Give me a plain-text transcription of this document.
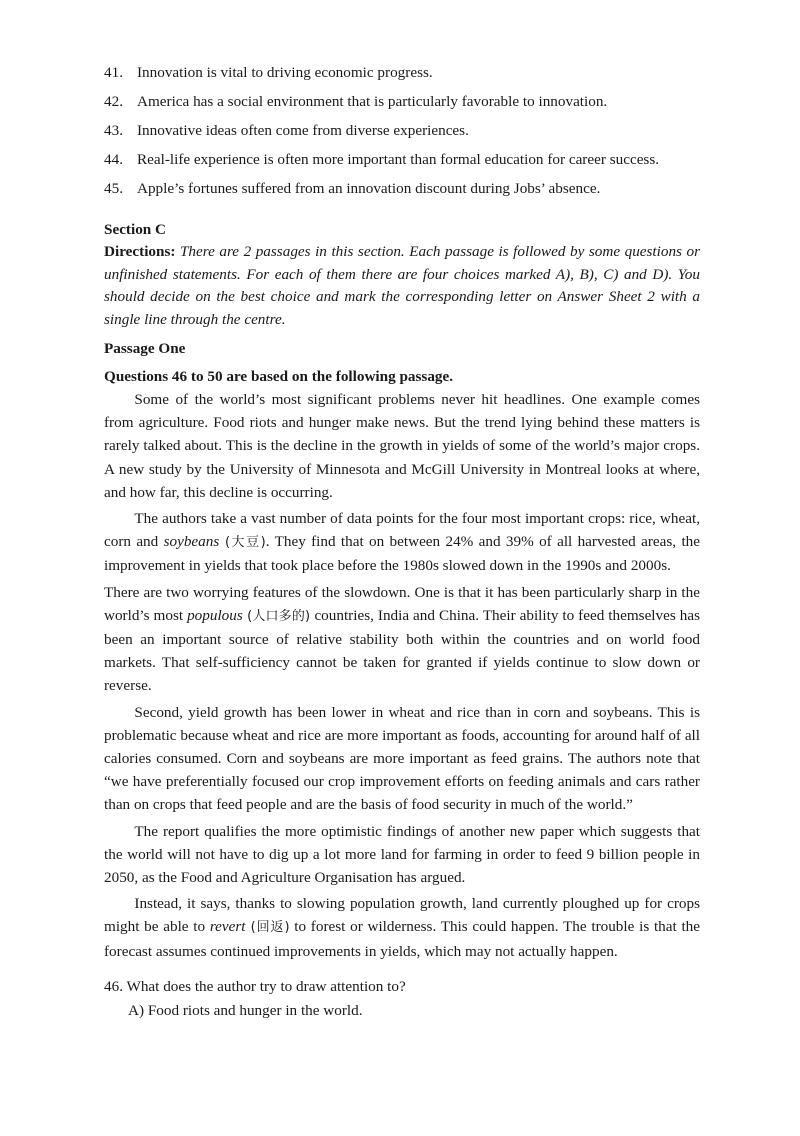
41. Innovation is vital to driving economic progress.
42. America has a social environment that is particularly favorable to innovation.
43. Innovative ideas often come from diverse experiences.
44. Real-life experience is often more important than formal education for career success.
45. Apple’s fortunes suffered from an innovation discount during Jobs’ absence.
Section C
Directions: There are 2 passages in this section. Each passage is followed by some questions or unfinished statements. For each of them there are four choices marked A), B), C) and D). You should decide on the best choice and mark the corresponding letter on Answer Sheet 2 with a single line through the centre.
Passage One
Questions 46 to 50 are based on the following passage.

Some of the world’s most significant problems never hit headlines. One example comes from agriculture. Food riots and hunger make news. But the trend lying behind these matters is rarely talked about. This is the decline in the growth in yields of some of the world’s major crops. A new study by the University of Minnesota and McGill University in Montreal looks at where, and how far, this decline is occurring.

The authors take a vast number of data points for the four most important crops: rice, wheat, corn and soybeans (大豆). They find that on between 24% and 39% of all harvested areas, the improvement in yields that took place before the 1980s slowed down in the 1990s and 2000s.

There are two worrying features of the slowdown. One is that it has been particularly sharp in the world’s most populous (人口多的) countries, India and China. Their ability to feed themselves has been an important source of relative stability both within the countries and on world food markets. That self-sufficiency cannot be taken for granted if yields continue to slow down or reverse.

Second, yield growth has been lower in wheat and rice than in corn and soybeans. This is problematic because wheat and rice are more important as foods, accounting for around half of all calories consumed. Corn and soybeans are more important as feed grains. The authors note that “we have preferentially focused our crop improvement efforts on feeding animals and cars rather than on crops that feed people and are the basis of food security in much of the world.”

The report qualifies the more optimistic findings of another new paper which suggests that the world will not have to dig up a lot more land for farming in order to feed 9 billion people in 2050, as the Food and Agriculture Organisation has argued.

Instead, it says, thanks to slowing population growth, land currently ploughed up for crops might be able to revert (回返) to forest or wilderness. This could happen. The trouble is that the forecast assumes continued improvements in yields, which may not actually happen.

46. What does the author try to draw attention to?
A) Food riots and hunger in the world.
